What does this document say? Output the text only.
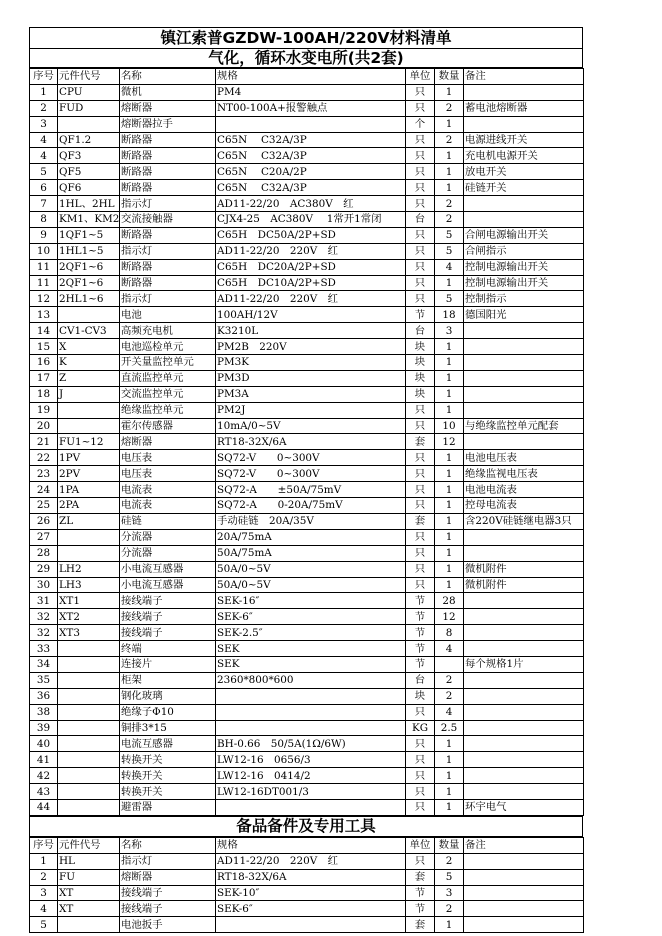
镇江索普GZDW-100AH/220V材料清单
气化，循环水变电所(共2套)
序号	元件代号	名称	规格	单位	数量	备注
1	CPU	微机	PM4	只	1	
2	FUD	熔断器	NT00-100A+报警触点	只	2	蓄电池熔断器
3		熔断器拉手		个	1	
4	QF1.2	断路器	C65N　 C32A/3P	只	2	电源进线开关
4	QF3	断路器	C65N　 C32A/3P	只	1	充电机电源开关
5	QF5	断路器	C65N　 C20A/2P	只	1	放电开关
6	QF6	断路器	C65N　 C32A/3P	只	1	硅链开关
7	1HL、2HL	指示灯	AD11-22/20　AC380V　红	只	2	
8	KM1、KM2	交流接触器	CJX4-25　AC380V　 1常开1常闭	台	2	
9	1QF1~5	断路器	C65H　DC50A/2P+SD	只	5	合闸电源输出开关
10	1HL1~5	指示灯	AD11-22/20　220V　红	只	5	合闸指示
11	2QF1~6	断路器	C65H　DC20A/2P+SD	只	4	控制电源输出开关
11	2QF1~6	断路器	C65H　DC10A/2P+SD	只	1	控制电源输出开关
12	2HL1~6	指示灯	AD11-22/20　220V　红	只	5	控制指示
13		电池	100AH/12V	节	18	德国阳光
14	CV1-CV3	高频充电机	K3210L	台	3	
15	X	电池巡检单元	PM2B　220V	块	1	
16	K	开关量监控单元	PM3K	块	1	
17	Z	直流监控单元	PM3D	块	1	
18	J	交流监控单元	PM3A	块	1	
19		绝缘监控单元	PM2J	只	1	
20		霍尔传感器	10mA/0~5V	只	10	与绝缘监控单元配套
21	FU1~12	熔断器	RT18-32X/6A	套	12	
22	1PV	电压表	SQ72-V　　0~300V	只	1	电池电压表
23	2PV	电压表	SQ72-V　　0~300V	只	1	绝缘监视电压表
24	1PA	电流表	SQ72-A　　±50A/75mV	只	1	电池电流表
25	2PA	电流表	SQ72-A　　0-20A/75mV	只	1	控母电流表
26	ZL	硅链	手动硅链　20A/35V	套	1	含220V硅链继电器3只
27		分流器	20A/75mA	只	1	
28		分流器	50A/75mA	只	1	
29	LH2	小电流互感器	50A/0~5V	只	1	微机附件
30	LH3	小电流互感器	50A/0~5V	只	1	微机附件
31	XT1	接线端子	SEK-16″	节	28	
32	XT2	接线端子	SEK-6″	节	12	
32	XT3	接线端子	SEK-2.5″	节	8	
33		终端	SEK	节	4	
34		连接片	SEK	节		每个规格1片
35		柜架	2360*800*600	台	2	
36		钢化玻璃		块	2	
38		绝缘子Φ10		只	4	
39		铜排3*15		KG	2.5	
40		电流互感器	BH-0.66　50/5A(1Ω/6W)	只	1	
41		转换开关	LW12-16　0656/3	只	1	
42		转换开关	LW12-16　0414/2	只	1	
43		转换开关	LW12-16DT001/3	只	1	
44		避雷器		只	1	环宇电气
备品备件及专用工具
序号	元件代号	名称	规格	单位	数量	备注
1	HL	指示灯	AD11-22/20　220V　红	只	2	
2	FU	熔断器	RT18-32X/6A	套	5	
3	XT	接线端子	SEK-10″	节	3	
4	XT	接线端子	SEK-6″	节	2	
5		电池扳手		套	1	
